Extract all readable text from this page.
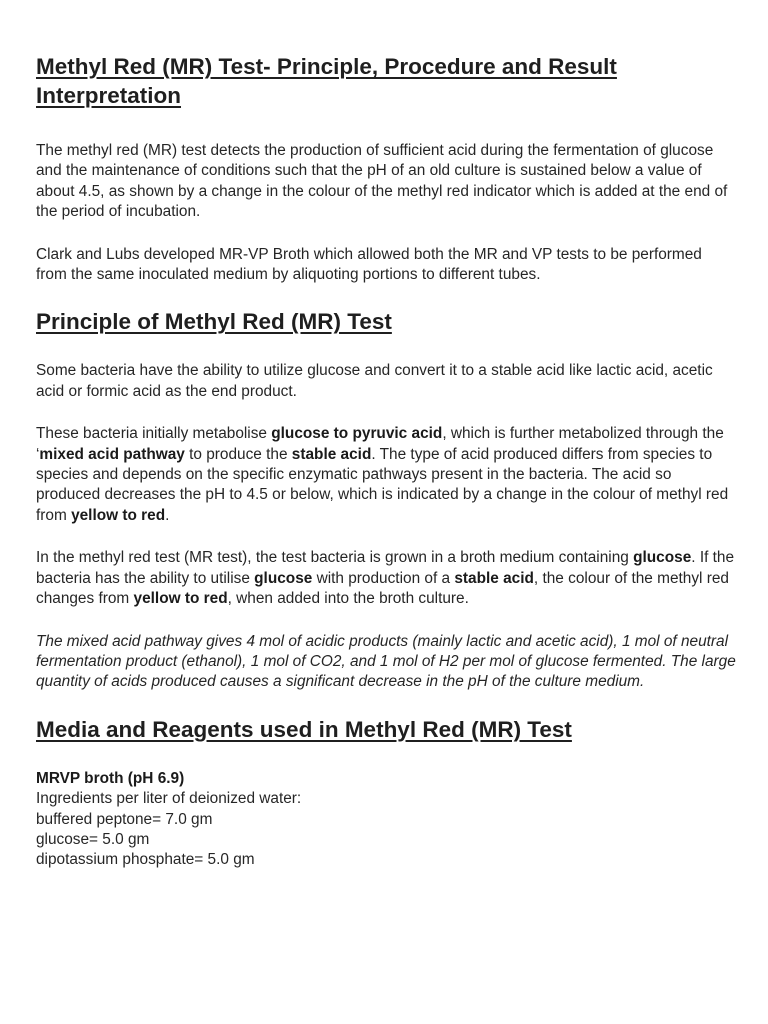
Methyl Red (MR) Test- Principle, Procedure and Result Interpretation

The methyl red (MR) test detects the production of sufficient acid during the fermentation of glucose and the maintenance of conditions such that the pH of an old culture is sustained below a value of about 4.5, as shown by a change in the colour of the methyl red indicator which is added at the end of the period of incubation.

Clark and Lubs developed MR-VP Broth which allowed both the MR and VP tests to be performed from the same inoculated medium by aliquoting portions to different tubes.

Principle of Methyl Red (MR) Test

Some bacteria have the ability to utilize glucose and convert it to a stable acid like lactic acid, acetic acid or formic acid as the end product.

These bacteria initially metabolise glucose to pyruvic acid, which is further metabolized through the ‘mixed acid pathway to produce the stable acid. The type of acid produced differs from species to species and depends on the specific enzymatic pathways present in the bacteria. The acid so produced decreases the pH to 4.5 or below, which is indicated by a change in the colour of methyl red from yellow to red.

In the methyl red test (MR test), the test bacteria is grown in a broth medium containing glucose. If the bacteria has the ability to utilise glucose with production of a stable acid, the colour of the methyl red changes from yellow to red, when added into the broth culture.

The mixed acid pathway gives 4 mol of acidic products (mainly lactic and acetic acid), 1 mol of neutral fermentation product (ethanol), 1 mol of CO2, and 1 mol of H2 per mol of glucose fermented. The large quantity of acids produced causes a significant decrease in the pH of the culture medium.

Media and Reagents used in Methyl Red (MR) Test

MRVP broth (pH 6.9)

Ingredients per liter of deionized water:

buffered peptone= 7.0 gm

glucose= 5.0 gm

dipotassium phosphate= 5.0 gm
